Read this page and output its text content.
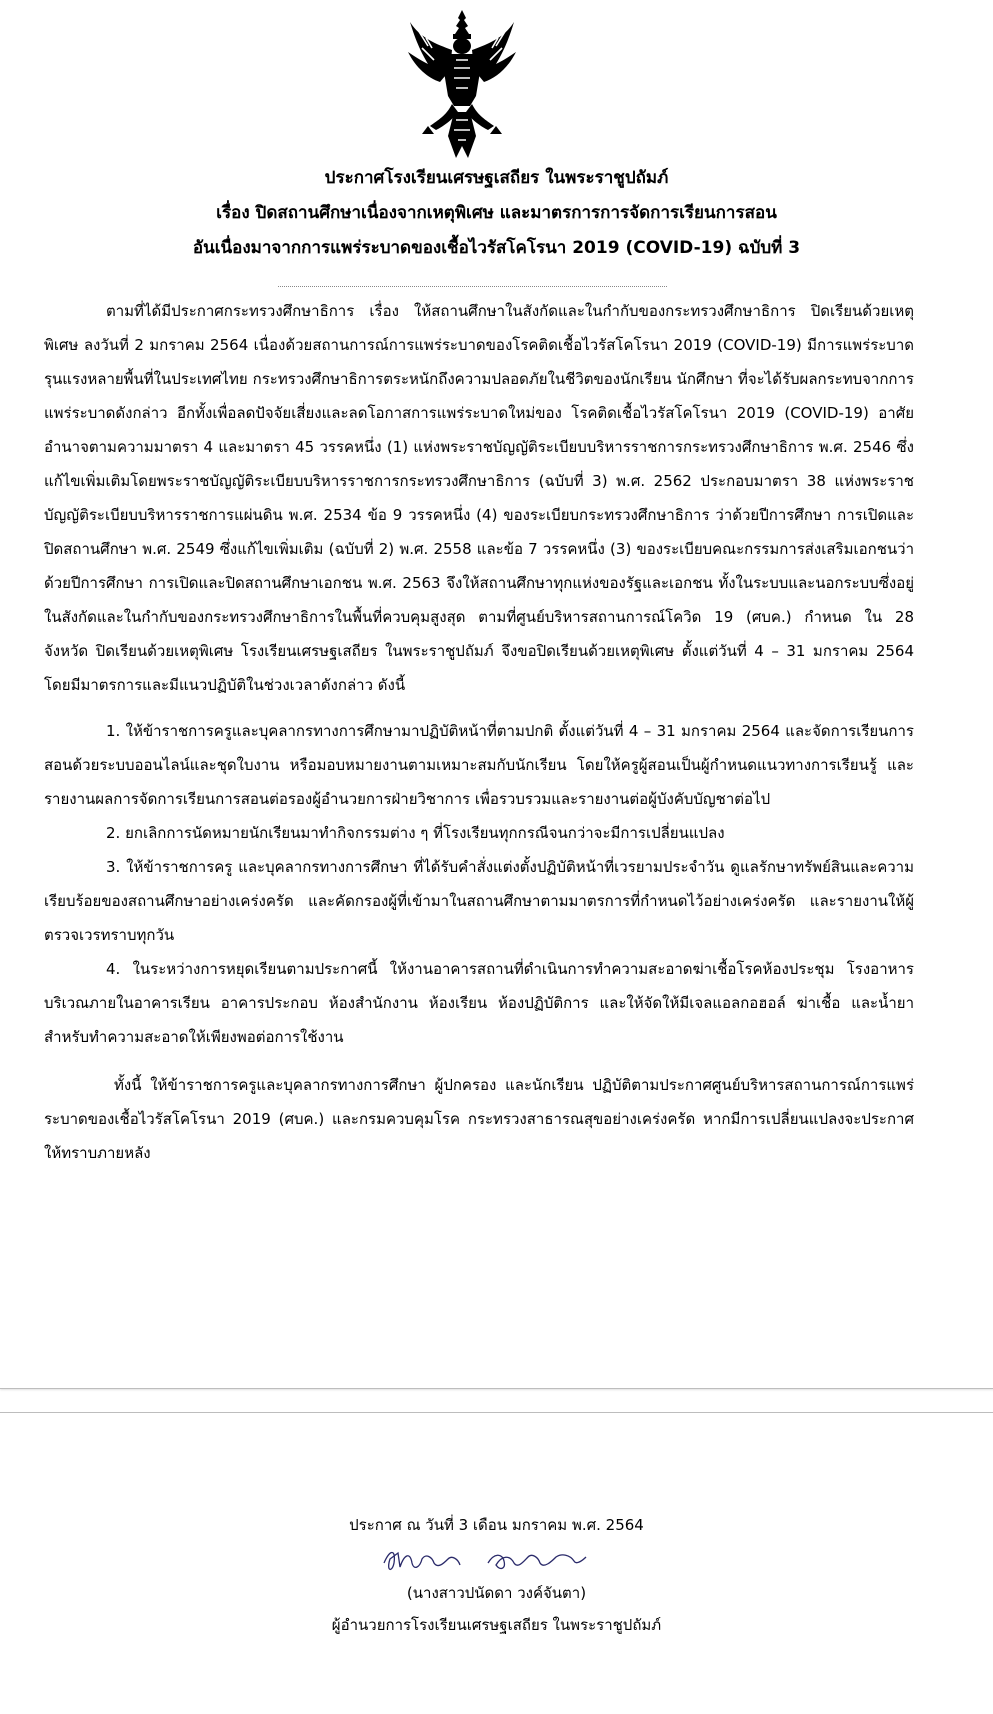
ประกาศโรงเรียนเศรษฐเสถียร ในพระราชูปถัมภ์
เรื่อง ปิดสถานศึกษาเนื่องจากเหตุพิเศษ และมาตรการการจัดการเรียนการสอน
อันเนื่องมาจากการแพร่ระบาดของเชื้อไวรัสโคโรนา 2019 (COVID-19) ฉบับที่ 3

ตามที่ได้มีประกาศกระทรวงศึกษาธิการ เรื่อง ให้สถานศึกษาในสังกัดและในกำกับของกระทรวงศึกษาธิการ ปิดเรียนด้วยเหตุพิเศษ ลงวันที่ 2 มกราคม 2564 เนื่องด้วยสถานการณ์การแพร่ระบาดของโรคติดเชื้อไวรัสโคโรนา 2019 (COVID-19) มีการแพร่ระบาดรุนแรงหลายพื้นที่ในประเทศไทย กระทรวงศึกษาธิการตระหนักถึงความปลอดภัยในชีวิตของนักเรียน นักศึกษา ที่จะได้รับผลกระทบจากการแพร่ระบาดดังกล่าว อีกทั้งเพื่อลดปัจจัยเสี่ยงและลดโอกาสการแพร่ระบาดใหม่ของ โรคติดเชื้อไวรัสโคโรนา 2019 (COVID-19) อาศัยอำนาจตามความมาตรา 4 และมาตรา 45 วรรคหนึ่ง (1) แห่งพระราชบัญญัติระเบียบบริหารราชการกระทรวงศึกษาธิการ พ.ศ. 2546 ซึ่งแก้ไขเพิ่มเติมโดยพระราชบัญญัติระเบียบบริหารราชการกระทรวงศึกษาธิการ (ฉบับที่ 3) พ.ศ. 2562 ประกอบมาตรา 38 แห่งพระราชบัญญัติระเบียบบริหารราชการแผ่นดิน พ.ศ. 2534 ข้อ 9 วรรคหนึ่ง (4) ของระเบียบกระทรวงศึกษาธิการ ว่าด้วยปีการศึกษา การเปิดและปิดสถานศึกษา พ.ศ. 2549 ซึ่งแก้ไขเพิ่มเติม (ฉบับที่ 2) พ.ศ. 2558 และข้อ 7 วรรคหนึ่ง (3) ของระเบียบคณะกรรมการส่งเสริมเอกชนว่าด้วยปีการศึกษา การเปิดและปิดสถานศึกษาเอกชน พ.ศ. 2563 จึงให้สถานศึกษาทุกแห่งของรัฐและเอกชน ทั้งในระบบและนอกระบบซึ่งอยู่ในสังกัดและในกำกับของกระทรวงศึกษาธิการในพื้นที่ควบคุมสูงสุด ตามที่ศูนย์บริหารสถานการณ์โควิด 19 (ศบค.) กำหนด ใน 28 จังหวัด ปิดเรียนด้วยเหตุพิเศษ โรงเรียนเศรษฐเสถียร ในพระราชูปถัมภ์ จึงขอปิดเรียนด้วยเหตุพิเศษ ตั้งแต่วันที่ 4 – 31 มกราคม 2564 โดยมีมาตรการและมีแนวปฏิบัติในช่วงเวลาดังกล่าว ดังนี้

1. ให้ข้าราชการครูและบุคลากรทางการศึกษามาปฏิบัติหน้าที่ตามปกติ ตั้งแต่วันที่ 4 – 31 มกราคม 2564 และจัดการเรียนการสอนด้วยระบบออนไลน์และชุดใบงาน หรือมอบหมายงานตามเหมาะสมกับนักเรียน โดยให้ครูผู้สอนเป็นผู้กำหนดแนวทางการเรียนรู้ และรายงานผลการจัดการเรียนการสอนต่อรองผู้อำนวยการฝ่ายวิชาการ เพื่อรวบรวมและรายงานต่อผู้บังคับบัญชาต่อไป

2. ยกเลิกการนัดหมายนักเรียนมาทำกิจกรรมต่าง ๆ ที่โรงเรียนทุกกรณีจนกว่าจะมีการเปลี่ยนแปลง

3. ให้ข้าราชการครู และบุคลากรทางการศึกษา ที่ได้รับคำสั่งแต่งตั้งปฏิบัติหน้าที่เวรยามประจำวัน ดูแลรักษาทรัพย์สินและความเรียบร้อยของสถานศึกษาอย่างเคร่งครัด และคัดกรองผู้ที่เข้ามาในสถานศึกษาตามมาตรการที่กำหนดไว้อย่างเคร่งครัด และรายงานให้ผู้ตรวจเวรทราบทุกวัน

4. ในระหว่างการหยุดเรียนตามประกาศนี้ ให้งานอาคารสถานที่ดำเนินการทำความสะอาดฆ่าเชื้อโรคห้องประชุม โรงอาหาร บริเวณภายในอาคารเรียน อาคารประกอบ ห้องสำนักงาน ห้องเรียน ห้องปฏิบัติการ และให้จัดให้มีเจลแอลกอฮอล์ ฆ่าเชื้อ และน้ำยาสำหรับทำความสะอาดให้เพียงพอต่อการใช้งาน

ทั้งนี้ ให้ข้าราชการครูและบุคลากรทางการศึกษา ผู้ปกครอง และนักเรียน ปฏิบัติตามประกาศศูนย์บริหารสถานการณ์การแพร่ระบาดของเชื้อไวรัสโคโรนา 2019 (ศบค.) และกรมควบคุมโรค กระทรวงสาธารณสุขอย่างเคร่งครัด หากมีการเปลี่ยนแปลงจะประกาศให้ทราบภายหลัง

ประกาศ ณ วันที่ 3 เดือน มกราคม พ.ศ. 2564
(นางสาวปนัดดา วงค์จันตา)
ผู้อำนวยการโรงเรียนเศรษฐเสถียร ในพระราชูปถัมภ์
